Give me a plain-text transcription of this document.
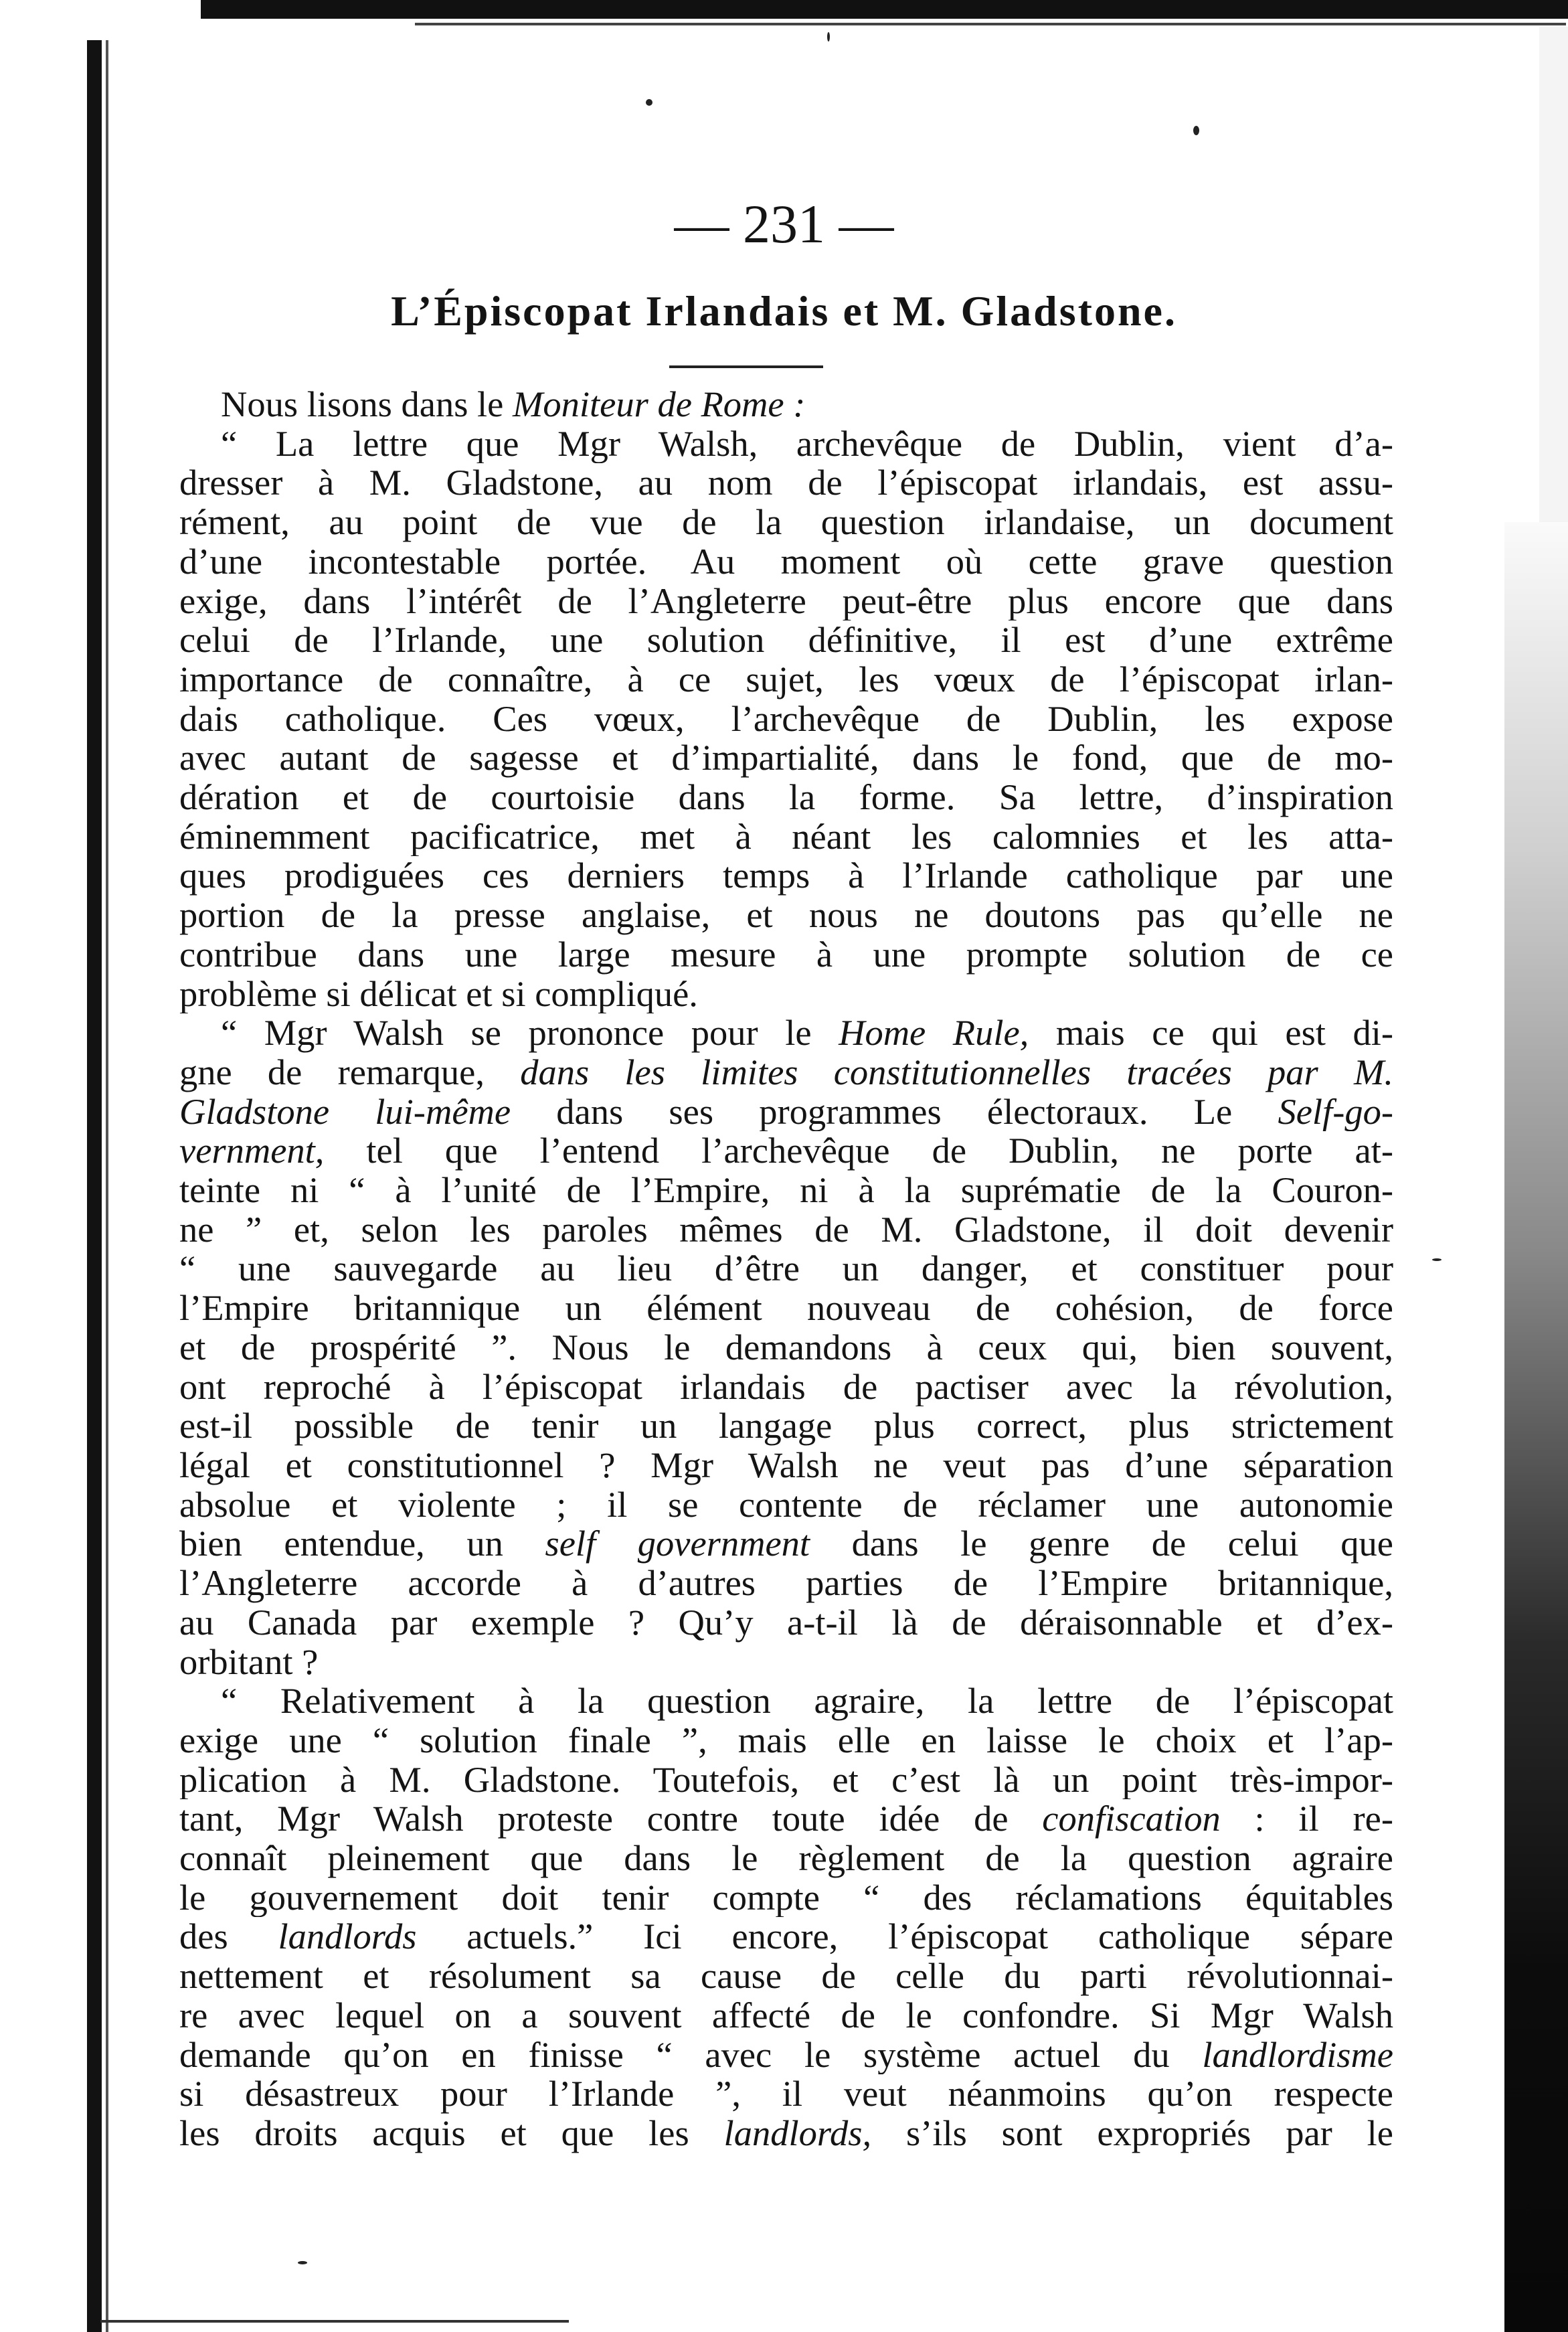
— 231 —
L’Épiscopat Irlandais et M. Gladstone.
Nous lisons dans le Moniteur de Rome :
“ La lettre que Mgr Walsh, archevêque de Dublin, vient d’a-
dresser à M. Gladstone, au nom de l’épiscopat irlandais, est assu-
rément, au point de vue de la question irlandaise, un document
d’une incontestable portée. Au moment où cette grave question
exige, dans l’intérêt de l’Angleterre peut-être plus encore que dans
celui de l’Irlande, une solution définitive, il est d’une extrême
importance de connaître, à ce sujet, les vœux de l’épiscopat irlan-
dais catholique. Ces vœux, l’archevêque de Dublin, les expose
avec autant de sagesse et d’impartialité, dans le fond, que de mo-
dération et de courtoisie dans la forme. Sa lettre, d’inspiration
éminemment pacificatrice, met à néant les calomnies et les atta-
ques prodiguées ces derniers temps à l’Irlande catholique par une
portion de la presse anglaise, et nous ne doutons pas qu’elle ne
contribue dans une large mesure à une prompte solution de ce
problème si délicat et si compliqué.
“ Mgr Walsh se prononce pour le Home Rule, mais ce qui est di-
gne de remarque, dans les limites constitutionnelles tracées par M.
Gladstone lui-même dans ses programmes électoraux. Le Self-go-
vernment, tel que l’entend l’archevêque de Dublin, ne porte at-
teinte ni “ à l’unité de l’Empire, ni à la suprématie de la Couron-
ne ” et, selon les paroles mêmes de M. Gladstone, il doit devenir
“ une sauvegarde au lieu d’être un danger, et constituer pour
l’Empire britannique un élément nouveau de cohésion, de force
et de prospérité ”. Nous le demandons à ceux qui, bien souvent,
ont reproché à l’épiscopat irlandais de pactiser avec la révolution,
est-il possible de tenir un langage plus correct, plus strictement
légal et constitutionnel ? Mgr Walsh ne veut pas d’une séparation
absolue et violente ; il se contente de réclamer une autonomie
bien entendue, un self government dans le genre de celui que
l’Angleterre accorde à d’autres parties de l’Empire britannique,
au Canada par exemple ? Qu’y a-t-il là de déraisonnable et d’ex-
orbitant ?
“ Relativement à la question agraire, la lettre de l’épiscopat
exige une “ solution finale ”, mais elle en laisse le choix et l’ap-
plication à M. Gladstone. Toutefois, et c’est là un point très-impor-
tant, Mgr Walsh proteste contre toute idée de confiscation : il re-
connaît pleinement que dans le règlement de la question agraire
le gouvernement doit tenir compte “ des réclamations équitables
des landlords actuels.” Ici encore, l’épiscopat catholique sépare
nettement et résolument sa cause de celle du parti révolutionnai-
re avec lequel on a souvent affecté de le confondre. Si Mgr Walsh
demande qu’on en finisse “ avec le système actuel du landlordisme
si désastreux pour l’Irlande ”, il veut néanmoins qu’on respecte
les droits acquis et que les landlords, s’ils sont expropriés par le
